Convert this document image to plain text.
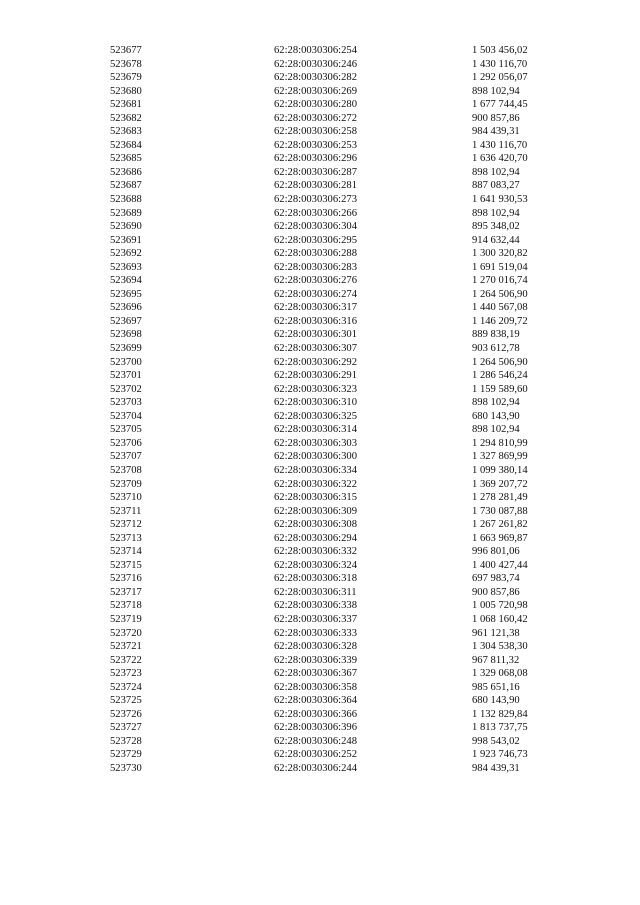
523677	62:28:0030306:254	1 503 456,02
523678	62:28:0030306:246	1 430 116,70
523679	62:28:0030306:282	1 292 056,07
523680	62:28:0030306:269	898 102,94
523681	62:28:0030306:280	1 677 744,45
523682	62:28:0030306:272	900 857,86
523683	62:28:0030306:258	984 439,31
523684	62:28:0030306:253	1 430 116,70
523685	62:28:0030306:296	1 636 420,70
523686	62:28:0030306:287	898 102,94
523687	62:28:0030306:281	887 083,27
523688	62:28:0030306:273	1 641 930,53
523689	62:28:0030306:266	898 102,94
523690	62:28:0030306:304	895 348,02
523691	62:28:0030306:295	914 632,44
523692	62:28:0030306:288	1 300 320,82
523693	62:28:0030306:283	1 691 519,04
523694	62:28:0030306:276	1 270 016,74
523695	62:28:0030306:274	1 264 506,90
523696	62:28:0030306:317	1 440 567,08
523697	62:28:0030306:316	1 146 209,72
523698	62:28:0030306:301	889 838,19
523699	62:28:0030306:307	903 612,78
523700	62:28:0030306:292	1 264 506,90
523701	62:28:0030306:291	1 286 546,24
523702	62:28:0030306:323	1 159 589,60
523703	62:28:0030306:310	898 102,94
523704	62:28:0030306:325	680 143,90
523705	62:28:0030306:314	898 102,94
523706	62:28:0030306:303	1 294 810,99
523707	62:28:0030306:300	1 327 869,99
523708	62:28:0030306:334	1 099 380,14
523709	62:28:0030306:322	1 369 207,72
523710	62:28:0030306:315	1 278 281,49
523711	62:28:0030306:309	1 730 087,88
523712	62:28:0030306:308	1 267 261,82
523713	62:28:0030306:294	1 663 969,87
523714	62:28:0030306:332	996 801,06
523715	62:28:0030306:324	1 400 427,44
523716	62:28:0030306:318	697 983,74
523717	62:28:0030306:311	900 857,86
523718	62:28:0030306:338	1 005 720,98
523719	62:28:0030306:337	1 068 160,42
523720	62:28:0030306:333	961 121,38
523721	62:28:0030306:328	1 304 538,30
523722	62:28:0030306:339	967 811,32
523723	62:28:0030306:367	1 329 068,08
523724	62:28:0030306:358	985 651,16
523725	62:28:0030306:364	680 143,90
523726	62:28:0030306:366	1 132 829,84
523727	62:28:0030306:396	1 813 737,75
523728	62:28:0030306:248	998 543,02
523729	62:28:0030306:252	1 923 746,73
523730	62:28:0030306:244	984 439,31
